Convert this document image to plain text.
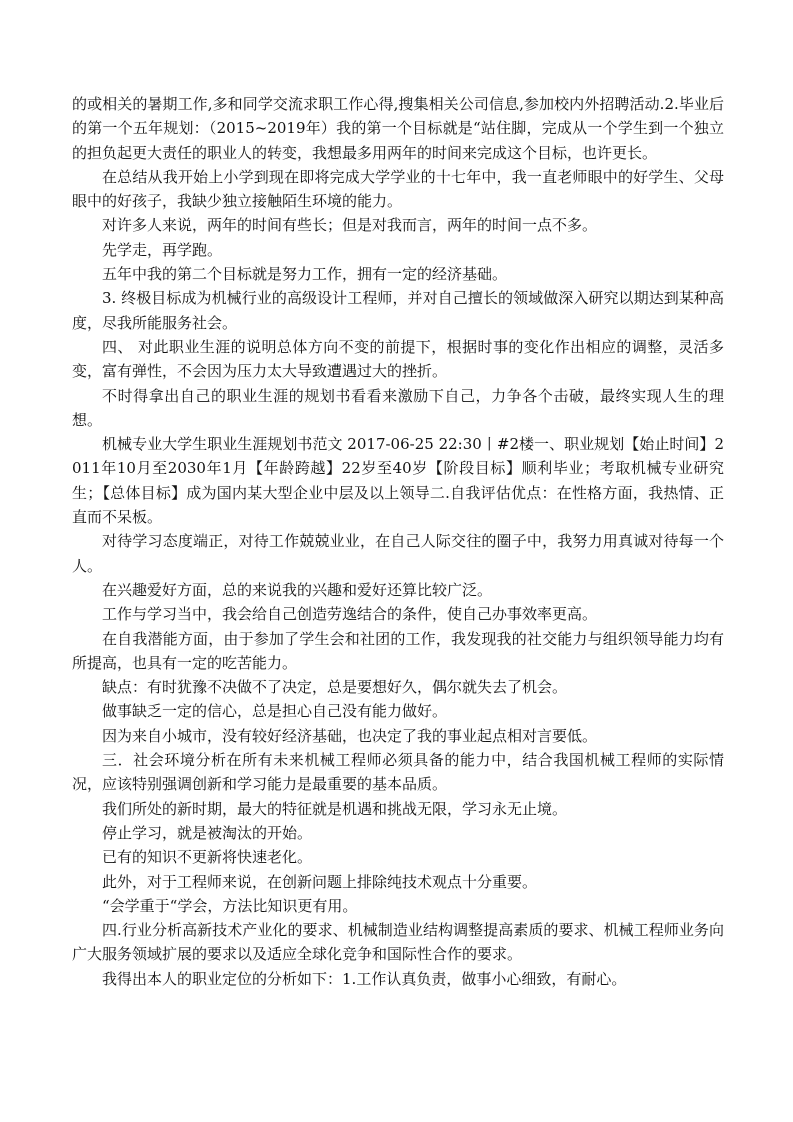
的或相关的暑期工作,多和同学交流求职工作心得,搜集相关公司信息,参加校内外招聘活动.2.毕业后的第一个五年规划：（2015~2019年）我的第一个目标就是“站住脚，完成从一个学生到一个独立的担负起更大责任的职业人的转变，我想最多用两年的时间来完成这个目标，也许更长。

在总结从我开始上小学到现在即将完成大学学业的十七年中，我一直老师眼中的好学生、父母眼中的好孩子，我缺少独立接触陌生环境的能力。

对许多人来说，两年的时间有些长；但是对我而言，两年的时间一点不多。

先学走，再学跑。

五年中我的第二个目标就是努力工作，拥有一定的经济基础。

3. 终极目标成为机械行业的高级设计工程师，并对自己擅长的领域做深入研究以期达到某种高度，尽我所能服务社会。

四、 对此职业生涯的说明总体方向不变的前提下，根据时事的变化作出相应的调整，灵活多变，富有弹性，不会因为压力太大导致遭遇过大的挫折。

不时得拿出自己的职业生涯的规划书看看来激励下自己，力争各个击破，最终实现人生的理想。

机械专业大学生职业生涯规划书范文 2017-06-25 22:30丨#2楼一、职业规划【始止时间】2011年10月至2030年1月【年龄跨越】22岁至40岁【阶段目标】顺利毕业；考取机械专业研究生；【总体目标】成为国内某大型企业中层及以上领导二.自我评估优点：在性格方面，我热情、正直而不呆板。

对待学习态度端正，对待工作兢兢业业，在自己人际交往的圈子中，我努力用真诚对待每一个人。

在兴趣爱好方面，总的来说我的兴趣和爱好还算比较广泛。

工作与学习当中，我会给自己创造劳逸结合的条件，使自己办事效率更高。

在自我潜能方面，由于参加了学生会和社团的工作，我发现我的社交能力与组织领导能力均有所提高，也具有一定的吃苦能力。

缺点：有时犹豫不决做不了决定，总是要想好久，偶尔就失去了机会。

做事缺乏一定的信心，总是担心自己没有能力做好。

因为来自小城市，没有较好经济基础，也决定了我的事业起点相对言要低。

三．社会环境分析在所有未来机械工程师必须具备的能力中，结合我国机械工程师的实际情况，应该特别强调创新和学习能力是最重要的基本品质。

我们所处的新时期，最大的特征就是机遇和挑战无限，学习永无止境。

停止学习，就是被淘汰的开始。

已有的知识不更新将快速老化。

此外，对于工程师来说，在创新问题上排除纯技术观点十分重要。

“会学重于“学会，方法比知识更有用。

四.行业分析高新技术产业化的要求、机械制造业结构调整提高素质的要求、机械工程师业务向广大服务领域扩展的要求以及适应全球化竞争和国际性合作的要求。

我得出本人的职业定位的分析如下：1.工作认真负责，做事小心细致，有耐心。
